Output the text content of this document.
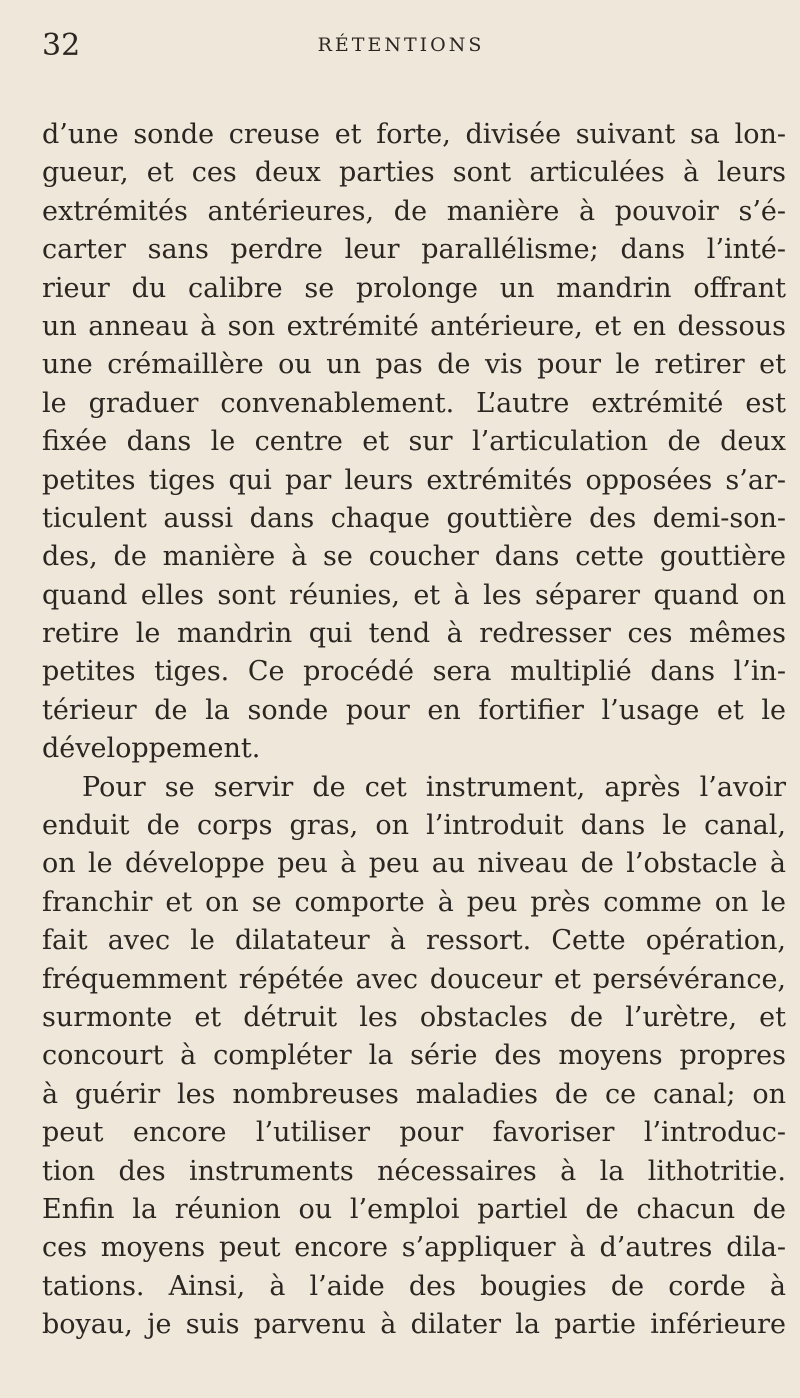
32	RÉTENTIONS
d’une sonde creuse et forte, divisée suivant sa lon-
gueur, et ces deux parties sont articulées à leurs
extrémités antérieures, de manière à pouvoir s’é-
carter sans perdre leur parallélisme; dans l’inté-
rieur du calibre se prolonge un mandrin offrant
un anneau à son extrémité antérieure, et en dessous
une crémaillère ou un pas de vis pour le retirer et
le graduer convenablement. L’autre extrémité est
fixée dans le centre et sur l’articulation de deux
petites tiges qui par leurs extrémités opposées s’ar-
ticulent aussi dans chaque gouttière des demi-son-
des, de manière à se coucher dans cette gouttière
quand elles sont réunies, et à les séparer quand on
retire le mandrin qui tend à redresser ces mêmes
petites tiges. Ce procédé sera multiplié dans l’in-
térieur de la sonde pour en fortifier l’usage et le
développement.
Pour se servir de cet instrument, après l’avoir
enduit de corps gras, on l’introduit dans le canal,
on le développe peu à peu au niveau de l’obstacle à
franchir et on se comporte à peu près comme on le
fait avec le dilatateur à ressort. Cette opération,
fréquemment répétée avec douceur et persévérance,
surmonte et détruit les obstacles de l’urètre, et
concourt à compléter la série des moyens propres
à guérir les nombreuses maladies de ce canal; on
peut encore l’utiliser pour favoriser l’introduc-
tion des instruments nécessaires à la lithotritie.
Enfin la réunion ou l’emploi partiel de chacun de
ces moyens peut encore s’appliquer à d’autres dila-
tations. Ainsi, à l’aide des bougies de corde à
boyau, je suis parvenu à dilater la partie inférieure
